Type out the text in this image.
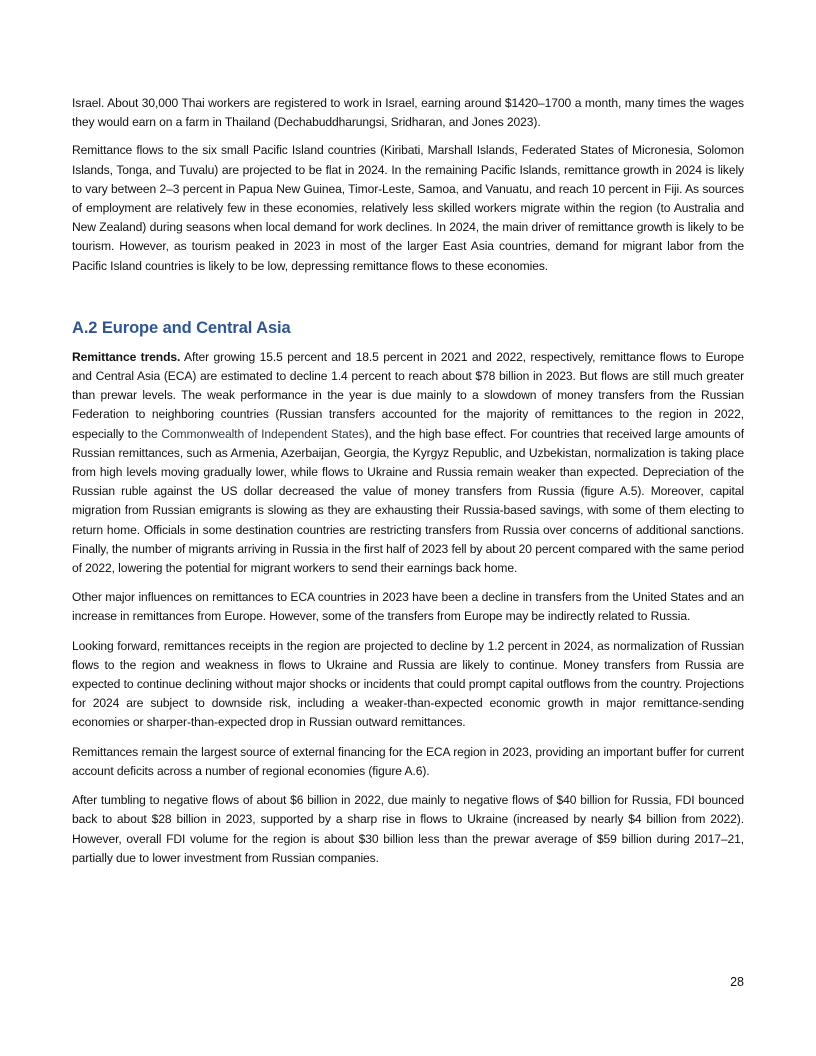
Israel. About 30,000 Thai workers are registered to work in Israel, earning around $1420–1700 a month, many times the wages they would earn on a farm in Thailand (Dechabuddharungsi, Sridharan, and Jones 2023).

Remittance flows to the six small Pacific Island countries (Kiribati, Marshall Islands, Federated States of Micronesia, Solomon Islands, Tonga, and Tuvalu) are projected to be flat in 2024. In the remaining Pacific Islands, remittance growth in 2024 is likely to vary between 2–3 percent in Papua New Guinea, Timor-Leste, Samoa, and Vanuatu, and reach 10 percent in Fiji. As sources of employment are relatively few in these economies, relatively less skilled workers migrate within the region (to Australia and New Zealand) during seasons when local demand for work declines. In 2024, the main driver of remittance growth is likely to be tourism. However, as tourism peaked in 2023 in most of the larger East Asia countries, demand for migrant labor from the Pacific Island countries is likely to be low, depressing remittance flows to these economies.

A.2 Europe and Central Asia

Remittance trends. After growing 15.5 percent and 18.5 percent in 2021 and 2022, respectively, remittance flows to Europe and Central Asia (ECA) are estimated to decline 1.4 percent to reach about $78 billion in 2023. But flows are still much greater than prewar levels. The weak performance in the year is due mainly to a slowdown of money transfers from the Russian Federation to neighboring countries (Russian transfers accounted for the majority of remittances to the region in 2022, especially to the Commonwealth of Independent States), and the high base effect. For countries that received large amounts of Russian remittances, such as Armenia, Azerbaijan, Georgia, the Kyrgyz Republic, and Uzbekistan, normalization is taking place from high levels moving gradually lower, while flows to Ukraine and Russia remain weaker than expected. Depreciation of the Russian ruble against the US dollar decreased the value of money transfers from Russia (figure A.5). Moreover, capital migration from Russian emigrants is slowing as they are exhausting their Russia-based savings, with some of them electing to return home. Officials in some destination countries are restricting transfers from Russia over concerns of additional sanctions. Finally, the number of migrants arriving in Russia in the first half of 2023 fell by about 20 percent compared with the same period of 2022, lowering the potential for migrant workers to send their earnings back home.

Other major influences on remittances to ECA countries in 2023 have been a decline in transfers from the United States and an increase in remittances from Europe. However, some of the transfers from Europe may be indirectly related to Russia.

Looking forward, remittances receipts in the region are projected to decline by 1.2 percent in 2024, as normalization of Russian flows to the region and weakness in flows to Ukraine and Russia are likely to continue. Money transfers from Russia are expected to continue declining without major shocks or incidents that could prompt capital outflows from the country. Projections for 2024 are subject to downside risk, including a weaker-than-expected economic growth in major remittance-sending economies or sharper-than-expected drop in Russian outward remittances.

Remittances remain the largest source of external financing for the ECA region in 2023, providing an important buffer for current account deficits across a number of regional economies (figure A.6).

After tumbling to negative flows of about $6 billion in 2022, due mainly to negative flows of $40 billion for Russia, FDI bounced back to about $28 billion in 2023, supported by a sharp rise in flows to Ukraine (increased by nearly $4 billion from 2022). However, overall FDI volume for the region is about $30 billion less than the prewar average of $59 billion during 2017–21, partially due to lower investment from Russian companies.

28
